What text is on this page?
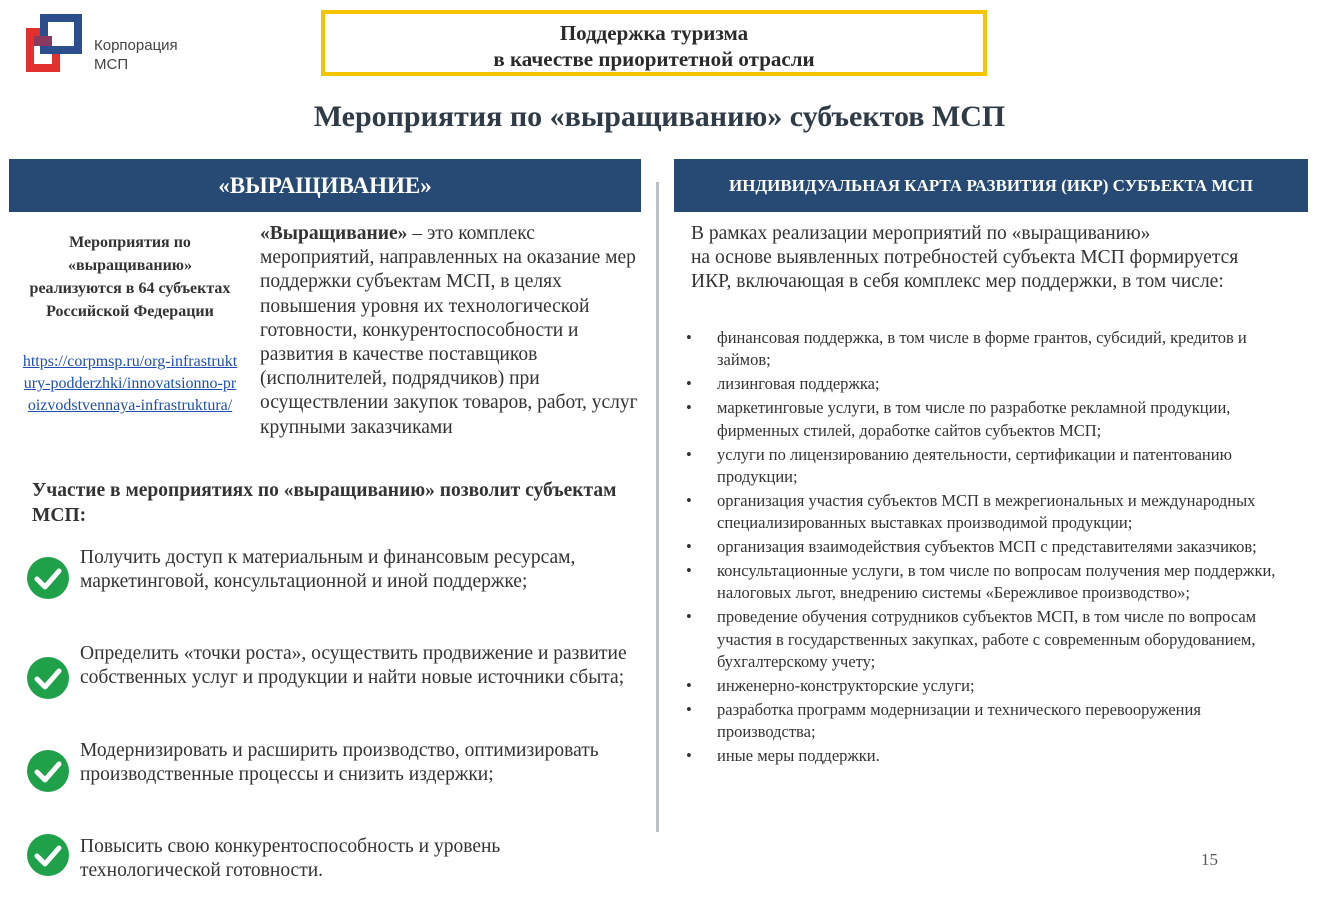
Корпорация
МСП
Поддержка туризма
в качестве приоритетной отрасли
Мероприятия по «выращиванию» субъектов МСП
«ВЫРАЩИВАНИЕ»	ИНДИВИДУАЛЬНАЯ КАРТА РАЗВИТИЯ (ИКР) СУБЪЕКТА МСП
Мероприятия по «выращиванию» реализуются в 64 субъектах Российской Федерации
https://corpmsp.ru/org-infrastruktury-podderzhki/innovatsionno-proizvodstvennaya-infrastruktura/
«Выращивание» – это комплекс мероприятий, направленных на оказание мер поддержки субъектам МСП, в целях повышения уровня их технологической готовности, конкурентоспособности и развития в качестве поставщиков (исполнителей, подрядчиков) при осуществлении закупок товаров, работ, услуг крупными заказчиками
Участие в мероприятиях по «выращиванию» позволит субъектам МСП:
Получить доступ к материальным и финансовым ресурсам, маркетинговой, консультационной и иной поддержке;
Определить «точки роста», осуществить продвижение и развитие собственных услуг и продукции и найти новые источники сбыта;
Модернизировать и расширить производство, оптимизировать производственные процессы и снизить издержки;
Повысить свою конкурентоспособность и уровень технологической готовности.
В рамках реализации мероприятий по «выращиванию»
на основе выявленных потребностей субъекта МСП формируется
ИКР, включающая в себя комплекс мер поддержки, в том числе:
• финансовая поддержка, в том числе в форме грантов, субсидий, кредитов и займов;
• лизинговая поддержка;
• маркетинговые услуги, в том числе по разработке рекламной продукции, фирменных стилей, доработке сайтов субъектов МСП;
• услуги по лицензированию деятельности, сертификации и патентованию продукции;
• организация участия субъектов МСП в межрегиональных и международных специализированных выставках производимой продукции;
• организация взаимодействия субъектов МСП с представителями заказчиков;
• консультационные услуги, в том числе по вопросам получения мер поддержки, налоговых льгот, внедрению системы «Бережливое производство»;
• проведение обучения сотрудников субъектов МСП, в том числе по вопросам участия в государственных закупках, работе с современным оборудованием, бухгалтерскому учету;
• инженерно-конструкторские услуги;
• разработка программ модернизации и технического перевооружения производства;
• иные меры поддержки.
15
